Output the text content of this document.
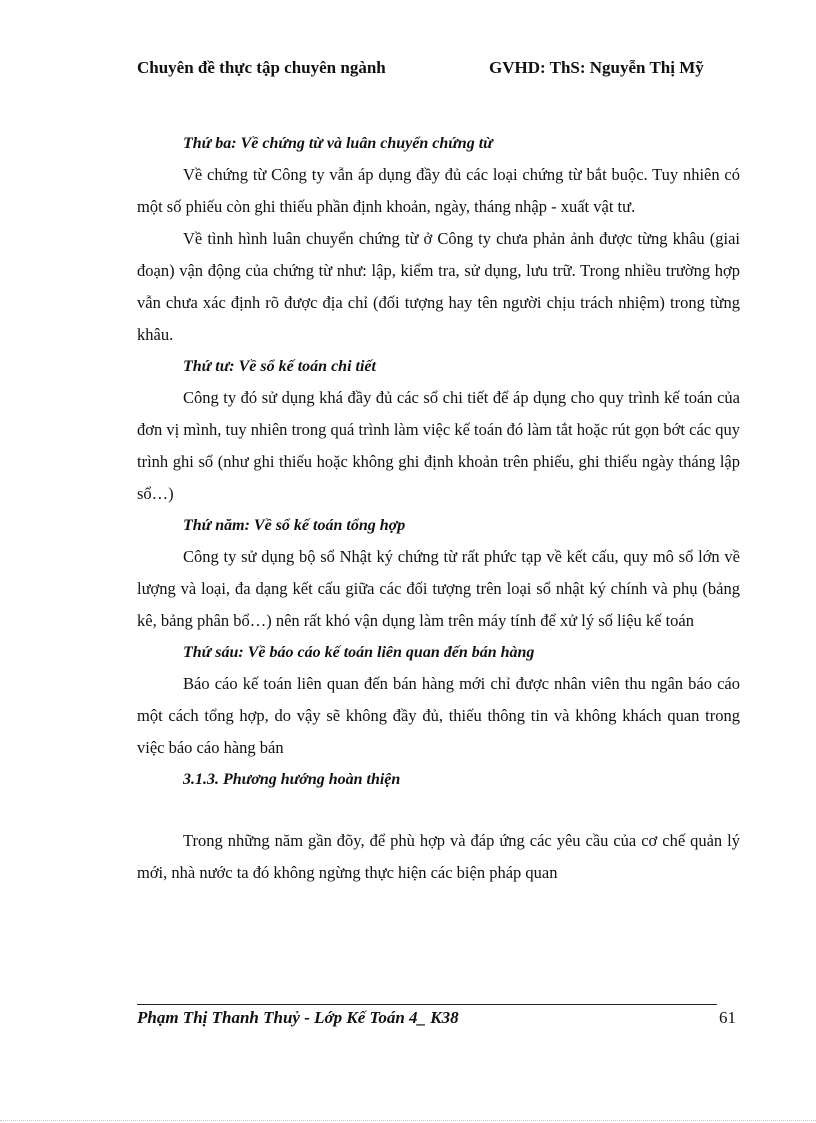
Chuyên đề thực tập chuyên ngành	GVHD: ThS: Nguyễn Thị Mỹ
Thứ ba: Về chứng từ và luân chuyển chứng từ

Về chứng từ Công ty vẫn áp dụng đầy đủ các loại chứng từ bắt buộc. Tuy nhiên có một số phiếu còn ghi thiếu phần định khoản, ngày, tháng nhập - xuất vật tư.

Về tình hình luân chuyển chứng từ ở Công ty chưa phản ảnh được từng khâu (giai đoạn) vận động của chứng từ như: lập, kiểm tra, sử dụng, lưu trữ. Trong nhiều trường hợp vẫn chưa xác định rõ được địa chỉ (đối tượng hay tên người chịu trách nhiệm) trong từng khâu.

Thứ tư: Về sổ kế toán chi tiết

Công ty đó sử dụng khá đầy đủ các sổ chi tiết để áp dụng cho quy trình kế toán của đơn vị mình, tuy nhiên trong quá trình làm việc kế toán đó làm tắt hoặc rút gọn bớt các quy trình ghi sổ (như ghi thiếu hoặc không ghi định khoản trên phiếu, ghi thiếu ngày tháng lập sổ…)

Thứ năm: Về sổ kế toán tổng hợp

Công ty sử dụng bộ sổ Nhật ký chứng từ rất phức tạp về kết cấu, quy mô sổ lớn về lượng và loại, đa dạng kết cấu giữa các đối tượng trên loại sổ nhật ký chính và phụ (bảng kê, bảng phân bổ…) nên rất khó vận dụng làm trên máy tính để xử lý số liệu kế toán

Thứ sáu: Về báo cáo kế toán liên quan đến bán hàng

Báo cáo kế toán liên quan đến bán hàng mới chỉ được nhân viên thu ngân báo cáo một cách tổng hợp, do vậy sẽ không đầy đủ, thiếu thông tin và không khách quan trong việc báo cáo hàng bán

3.1.3. Phương hướng hoàn thiện

Trong những năm gần đõy, để phù hợp và đáp ứng các yêu cầu của cơ chế quản lý mới, nhà nước ta đó không ngừng thực hiện các biện pháp quan

Phạm Thị Thanh Thuỷ - Lớp Kế Toán 4_ K38	61
